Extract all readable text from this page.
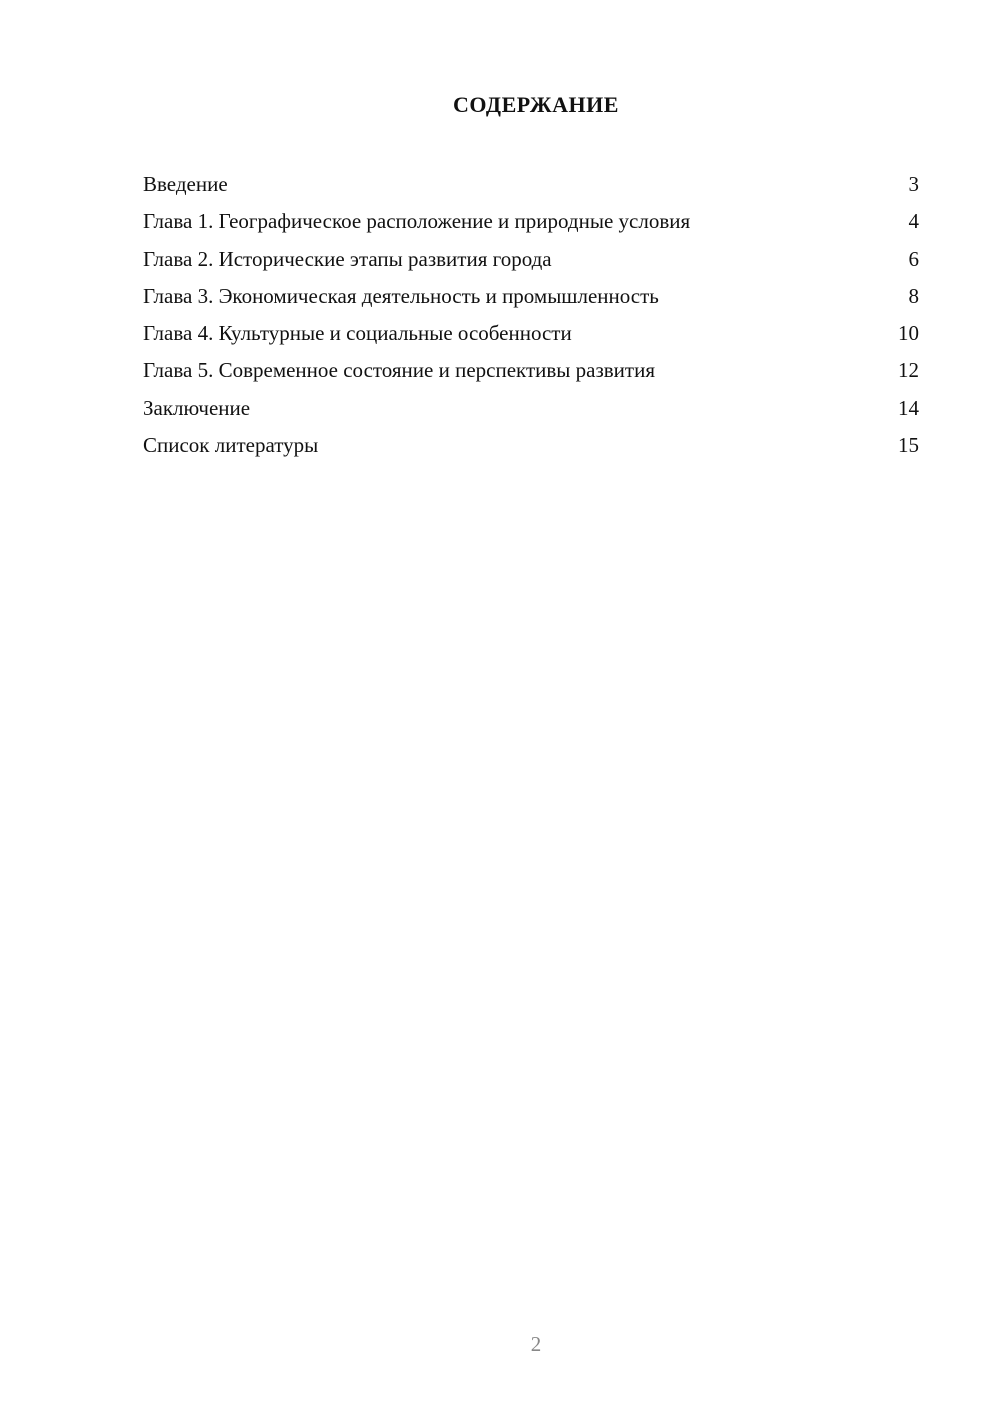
СОДЕРЖАНИЕ
Введение	3
Глава 1. Географическое расположение и природные условия	4
Глава 2. Исторические этапы развития города	6
Глава 3. Экономическая деятельность и промышленность	8
Глава 4. Культурные и социальные особенности	10
Глава 5. Современное состояние и перспективы развития	12
Заключение	14
Список литературы	15
2
